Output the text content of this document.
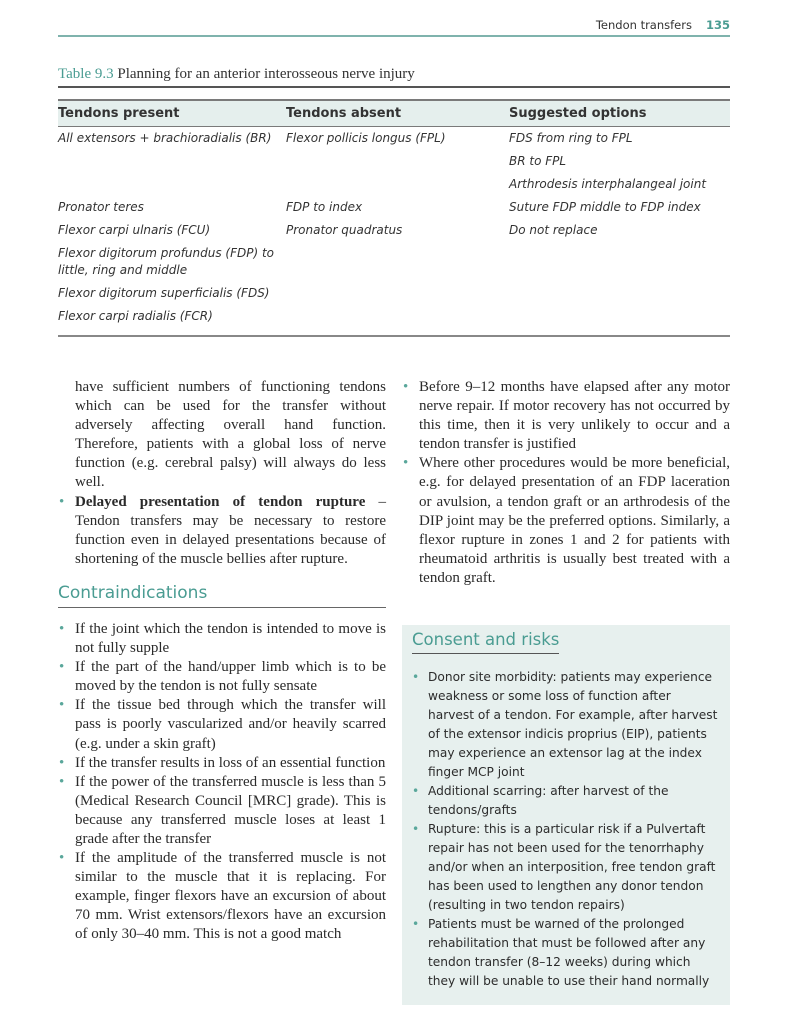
Tendon transfers 135
Table 9.3 Planning for an anterior interosseous nerve injury
Tendons present	Tendons absent	Suggested options
All extensors + brachioradialis (BR)	Flexor pollicis longus (FPL)	FDS from ring to FPL
		BR to FPL
		Arthrodesis interphalangeal joint
Pronator teres	FDP to index	Suture FDP middle to FDP index
Flexor carpi ulnaris (FCU)	Pronator quadratus	Do not replace
Flexor digitorum profundus (FDP) to little, ring and middle		
Flexor digitorum superficialis (FDS)		
Flexor carpi radialis (FCR)		
have sufficient numbers of functioning tendons which can be used for the transfer without adversely affecting overall hand function. Therefore, patients with a global loss of nerve function (e.g. cerebral palsy) will always do less well.
• Delayed presentation of tendon rupture – Tendon transfers may be necessary to restore function even in delayed presentations because of shortening of the muscle bellies after rupture.
Contraindications
• If the joint which the tendon is intended to move is not fully supple
• If the part of the hand/upper limb which is to be moved by the tendon is not fully sensate
• If the tissue bed through which the transfer will pass is poorly vascularized and/or heavily scarred (e.g. under a skin graft)
• If the transfer results in loss of an essential function
• If the power of the transferred muscle is less than 5 (Medical Research Council [MRC] grade). This is because any transferred muscle loses at least 1 grade after the transfer
• If the amplitude of the transferred muscle is not similar to the muscle that it is replacing. For example, finger flexors have an excursion of about 70 mm. Wrist extensors/flexors have an excursion of only 30–40 mm. This is not a good match
• Before 9–12 months have elapsed after any motor nerve repair. If motor recovery has not occurred by this time, then it is very unlikely to occur and a tendon transfer is justified
• Where other procedures would be more beneficial, e.g. for delayed presentation of an FDP laceration or avulsion, a tendon graft or an arthrodesis of the DIP joint may be the preferred options. Similarly, a flexor rupture in zones 1 and 2 for patients with rheumatoid arthritis is usually best treated with a tendon graft.
Consent and risks
• Donor site morbidity: patients may experience weakness or some loss of function after harvest of a tendon. For example, after harvest of the extensor indicis proprius (EIP), patients may experience an extensor lag at the index finger MCP joint
• Additional scarring: after harvest of the tendons/grafts
• Rupture: this is a particular risk if a Pulvertaft repair has not been used for the tenorrhaphy and/or when an interposition, free tendon graft has been used to lengthen any donor tendon (resulting in two tendon repairs)
• Patients must be warned of the prolonged rehabilitation that must be followed after any tendon transfer (8–12 weeks) during which they will be unable to use their hand normally
